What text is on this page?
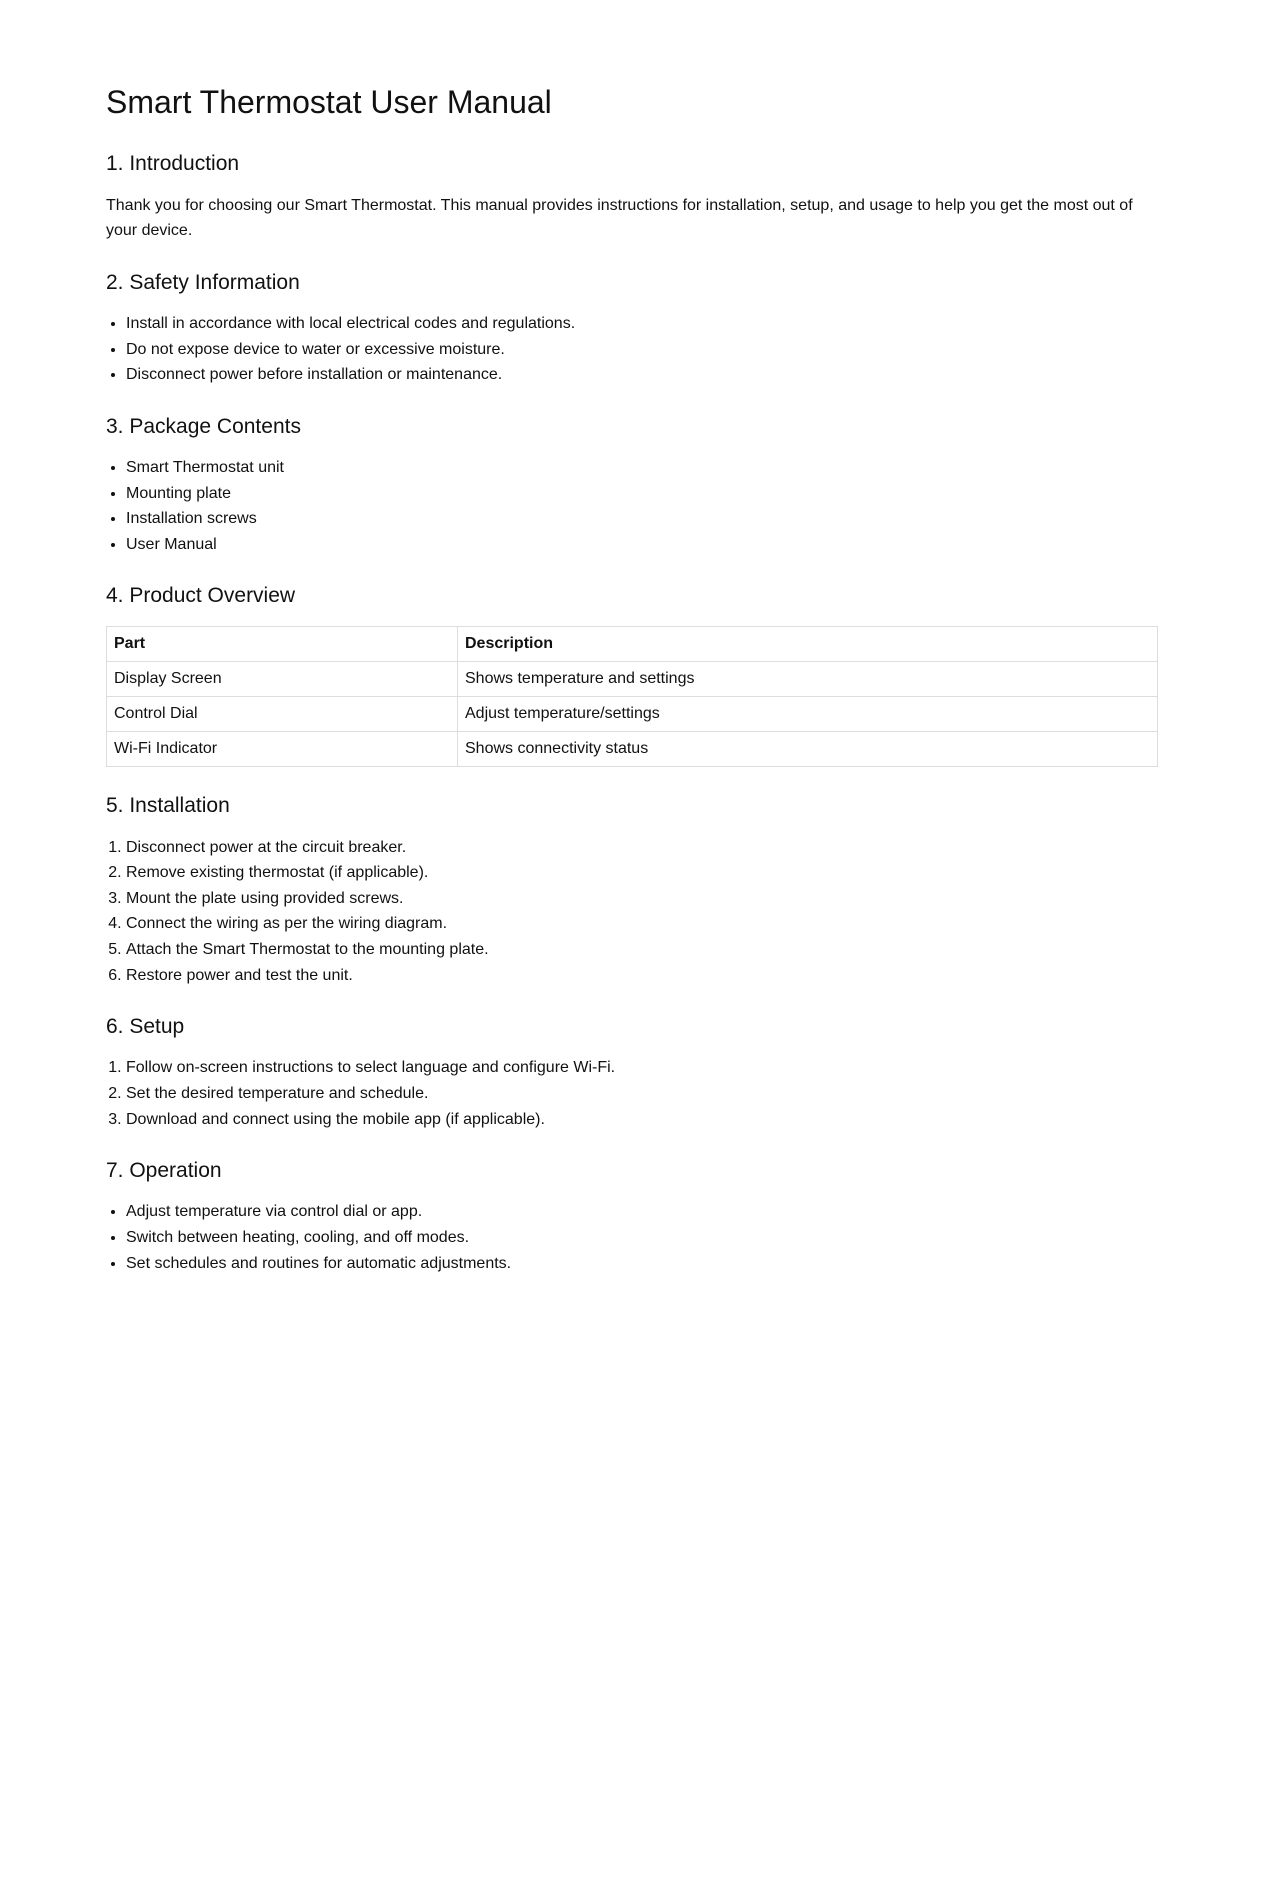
Smart Thermostat User Manual
1. Introduction

Thank you for choosing our Smart Thermostat. This manual provides instructions for installation, setup, and usage to help you get the most out of your device.

2. Safety Information
• Install in accordance with local electrical codes and regulations.
• Do not expose device to water or excessive moisture.
• Disconnect power before installation or maintenance.
3. Package Contents
• Smart Thermostat unit
• Mounting plate
• Installation screws
• User Manual
4. Product Overview
Part	Description
Display Screen	Shows temperature and settings
Control Dial	Adjust temperature/settings
Wi-Fi Indicator	Shows connectivity status
5. Installation
1. Disconnect power at the circuit breaker.
2. Remove existing thermostat (if applicable).
3. Mount the plate using provided screws.
4. Connect the wiring as per the wiring diagram.
5. Attach the Smart Thermostat to the mounting plate.
6. Restore power and test the unit.
6. Setup
1. Follow on-screen instructions to select language and configure Wi-Fi.
2. Set the desired temperature and schedule.
3. Download and connect using the mobile app (if applicable).
7. Operation
• Adjust temperature via control dial or app.
• Switch between heating, cooling, and off modes.
• Set schedules and routines for automatic adjustments.
